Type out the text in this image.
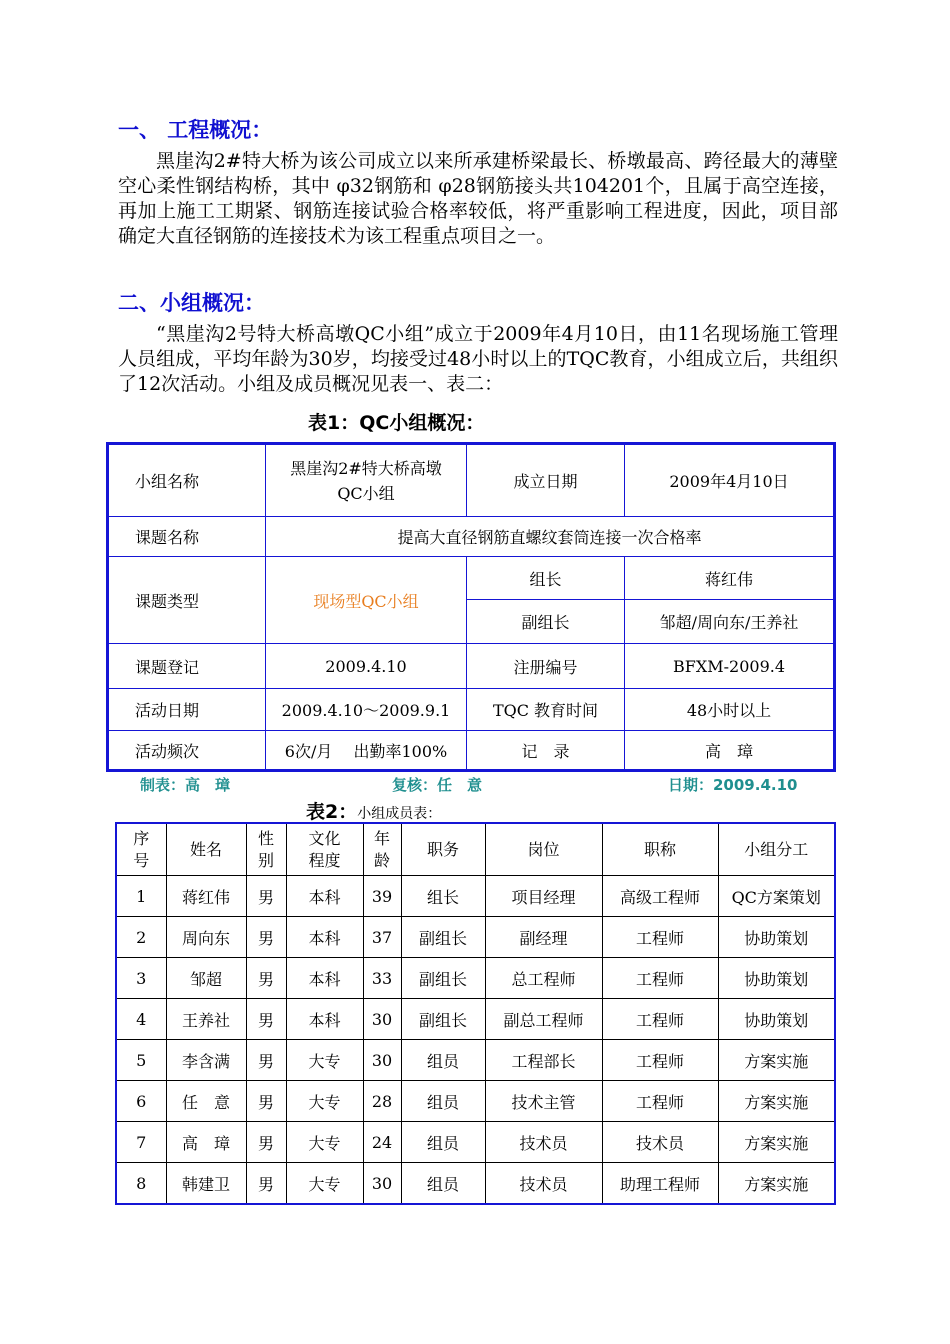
一、 工程概况：
黑崖沟2#特大桥为该公司成立以来所承建桥梁最长、桥墩最高、跨径最大的薄壁空心柔性钢结构桥，其中 φ32钢筋和 φ28钢筋接头共104201个，且属于高空连接，再加上施工工期紧、钢筋连接试验合格率较低，将严重影响工程进度，因此，项目部确定大直径钢筋的连接技术为该工程重点项目之一。
二、小组概况：
“黑崖沟2号特大桥高墩QC小组”成立于2009年4月10日，由11名现场施工管理人员组成，平均年龄为30岁，均接受过48小时以上的TQC教育，小组成立后，共组织了12次活动。小组及成员概况见表一、表二：
表1：QC小组概况：
小组名称	黑崖沟2#特大桥高墩QC小组	成立日期	2009年4月10日
课题名称	提高大直径钢筋直螺纹套筒连接一次合格率		
课题类型	现场型QC小组	组长	蒋红伟
		副组长	邹超/周向东/王养社
课题登记	2009.4.10	注册编号	BFXM-2009.4
活动日期	2009.4.10～2009.9.1	TQC 教育时间	48小时以上
活动频次	6次/月　 出勤率100%	记　录	高　璋
制表：高　璋	复核：任　意	日期：2009.4.10
表2：小组成员表：
序号	姓名	性别	文化程度	年龄	职务	岗位	职称	小组分工
1	蒋红伟	男	本科	39	组长	项目经理	高级工程师	QC方案策划
2	周向东	男	本科	37	副组长	副经理	工程师	协助策划
3	邹超	男	本科	33	副组长	总工程师	工程师	协助策划
4	王养社	男	本科	30	副组长	副总工程师	工程师	协助策划
5	李含满	男	大专	30	组员	工程部长	工程师	方案实施
6	任　意	男	大专	28	组员	技术主管	工程师	方案实施
7	高　璋	男	大专	24	组员	技术员	技术员	方案实施
8	韩建卫	男	大专	30	组员	技术员	助理工程师	方案实施
